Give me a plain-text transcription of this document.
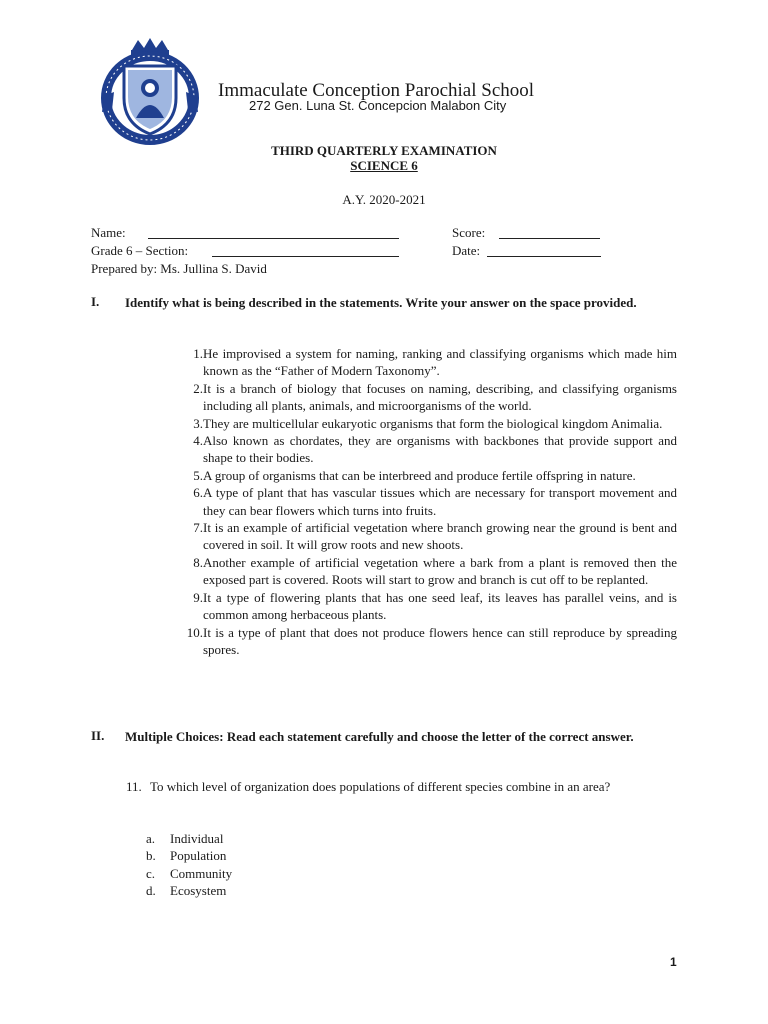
Immaculate Conception Parochial School
272 Gen. Luna St. Concepcion Malabon City
THIRD QUARTERLY EXAMINATION
SCIENCE 6
A.Y. 2020-2021
Name:	Score:
Grade 6 – Section:	Date:
Prepared by: Ms. Jullina S. David
I. Identify what is being described in the statements. Write your answer on the space provided.
1. He improvised a system for naming, ranking and classifying organisms which made him known as the “Father of Modern Taxonomy”.
2. It is a branch of biology that focuses on naming, describing, and classifying organisms including all plants, animals, and microorganisms of the world.
3. They are multicellular eukaryotic organisms that form the biological kingdom Animalia.
4. Also known as chordates, they are organisms with backbones that provide support and shape to their bodies.
5. A group of organisms that can be interbreed and produce fertile offspring in nature.
6. A type of plant that has vascular tissues which are necessary for transport movement and they can bear flowers which turns into fruits.
7. It is an example of artificial vegetation where branch growing near the ground is bent and covered in soil. It will grow roots and new shoots.
8. Another example of artificial vegetation where a bark from a plant is removed then the exposed part is covered. Roots will start to grow and branch is cut off to be replanted.
9. It a type of flowering plants that has one seed leaf, its leaves has parallel veins, and is common among herbaceous plants.
10. It is a type of plant that does not produce flowers hence can still reproduce by spreading spores.
II. Multiple Choices: Read each statement carefully and choose the letter of the correct answer.
11. To which level of organization does populations of different species combine in an area?
a.	Individual
b.	Population
c.	Community
d.	Ecosystem
1
